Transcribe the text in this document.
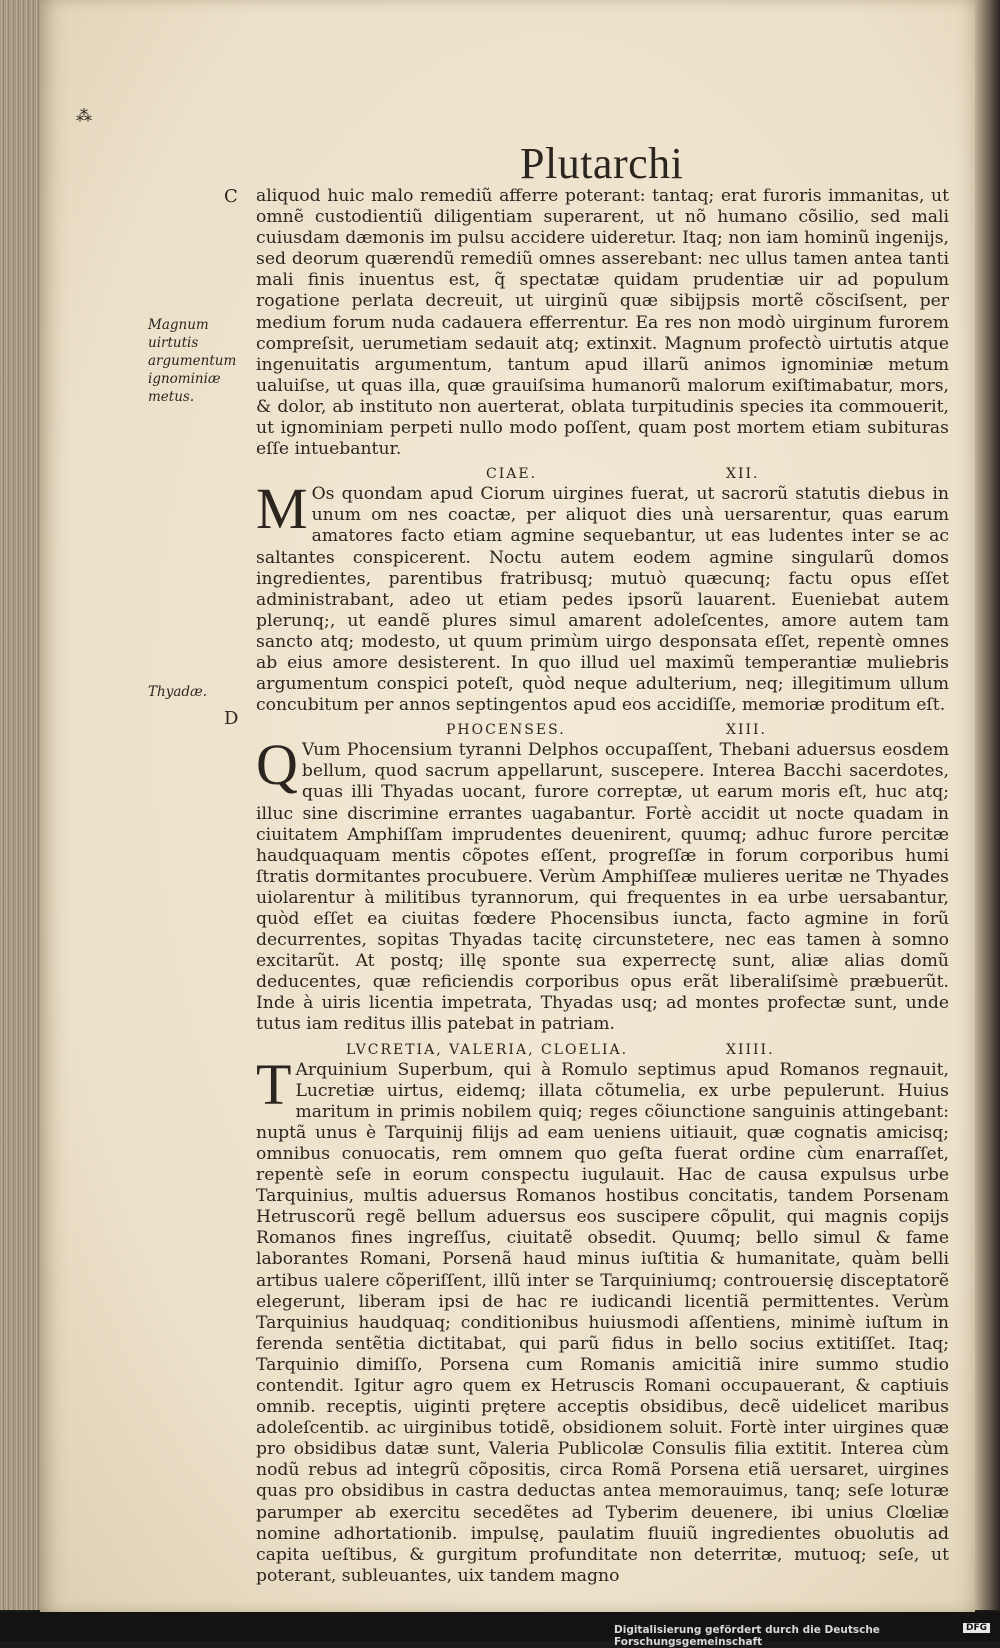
⁂
Plutarchi
C
D
Magnum uirtutis argumentum ignominiæ metus.
Thyadæ.

aliquod huic malo remediũ afferre poterant: tantaq; erat furoris immanitas, ut omnẽ custodientiũ diligentiam superarent, ut nõ humano cõsilio, sed mali cuiusdam dæmonis im pulsu accidere uideretur. Itaq; non iam hominũ ingenijs, sed deorum quærendũ remediũ omnes asserebant: nec ullus tamen antea tanti mali finis inuentus est, q̃ spectatæ quidam prudentiæ uir ad populum rogatione perlata decreuit, ut uirginũ quæ sibijpsis mortẽ cõsciſsent, per medium forum nuda cadauera efferrentur. Ea res non modò uirginum furorem compreſsit, uerumetiam sedauit atq; extinxit. Magnum profectò uirtutis atque ingenuitatis argumentum, tantum apud illarũ animos ignominiæ metum ualuiſse, ut quas illa, quæ grauiſsima humanorũ malorum exiſtimabatur, mors, & dolor, ab instituto non auerterat, oblata turpitudinis species ita commouerit, ut ignominiam perpeti nullo modo poſſent, quam post mortem etiam subituras eſſe intuebantur.

CIAE.	XII.

M Os quondam apud Ciorum uirgines fuerat, ut sacrorũ statutis diebus in unum om nes coactæ, per aliquot dies unà uersarentur, quas earum amatores facto etiam agmine sequebantur, ut eas ludentes inter se ac saltantes conspicerent. Noctu autem eodem agmine singularũ domos ingredientes, parentibus fratribusq; mutuò quæcunq; factu opus eſſet administrabant, adeo ut etiam pedes ipsorũ lauarent. Eueniebat autem plerunq;, ut eandẽ plures simul amarent adoleſcentes, amore autem tam sancto atq; modesto, ut quum primùm uirgo desponsata eſſet, repentè omnes ab eius amore desisterent. In quo illud uel maximũ temperantiæ muliebris argumentum conspici poteſt, quòd neque adulterium, neq; illegitimum ullum concubitum per annos septingentos apud eos accidiſſe, memoriæ proditum eſt.

PHOCENSES.	XIII.

Q Vum Phocensium tyranni Delphos occupaſſent, Thebani aduersus eosdem bellum, quod sacrum appellarunt, suscepere. Interea Bacchi sacerdotes, quas illi Thyadas uocant, furore correptæ, ut earum moris eſt, huc atq; illuc sine discrimine errantes uagabantur. Fortè accidit ut nocte quadam in ciuitatem Amphiſſam imprudentes deuenirent, quumq; adhuc furore percitæ haudquaquam mentis cõpotes eſſent, progreſſæ in forum corporibus humi ſtratis dormitantes procubuere. Verùm Amphiſſeæ mulieres ueritæ ne Thyades uiolarentur à militibus tyrannorum, qui frequentes in ea urbe uersabantur, quòd eſſet ea ciuitas fœdere Phocensibus iuncta, facto agmine in forũ decurrentes, sopitas Thyadas tacitę circunstetere, nec eas tamen à somno excitarũt. At postq; illę sponte sua experrectę sunt, aliæ alias domũ deducentes, quæ reficiendis corporibus opus erãt liberaliſsimè præbuerũt. Inde à uiris licentia impetrata, Thyadas usq; ad montes profectæ sunt, unde tutus iam reditus illis patebat in patriam.

LVCRETIA, VALERIA, CLOELIA.	XIIII.

T Arquinium Superbum, qui à Romulo septimus apud Romanos regnauit, Lucretiæ uirtus, eidemq; illata cõtumelia, ex urbe pepulerunt. Huius maritum in primis nobilem quiq; reges cõiunctione sanguinis attingebant: nuptã unus è Tarquinij filijs ad eam ueniens uitiauit, quæ cognatis amicisq; omnibus conuocatis, rem omnem quo geſta fuerat ordine cùm enarraſſet, repentè seſe in eorum conspectu iugulauit. Hac de causa expulsus urbe Tarquinius, multis aduersus Romanos hostibus concitatis, tandem Porsenam Hetruscorũ regẽ bellum aduersus eos suscipere cõpulit, qui magnis copijs Romanos fines ingreſſus, ciuitatẽ obsedit. Quumq; bello simul & fame laborantes Romani, Porsenã haud minus iuſtitia & humanitate, quàm belli artibus ualere cõperiſſent, illũ inter se Tarquiniumq; controuersię disceptatorẽ elegerunt, liberam ipsi de hac re iudicandi licentiã permittentes. Verùm Tarquinius haudquaq; conditionibus huiusmodi aſſentiens, minimè iuſtum in ferenda sentẽtia dictitabat, qui parũ fidus in bello socius extitiſſet. Itaq; Tarquinio dimiſſo, Porsena cum Romanis amicitiã inire summo studio contendit. Igitur agro quem ex Hetruscis Romani occupauerant, & captiuis omnib. receptis, uiginti prętere acceptis obsidibus, decẽ uidelicet maribus adoleſcentib. ac uirginibus totidẽ, obsidionem soluit. Fortè inter uirgines quæ pro obsidibus datæ sunt, Valeria Publicolæ Consulis filia extitit. Interea cùm nodũ rebus ad integrũ cõpositis, circa Romã Porsena etiã uersaret, uirgines quas pro obsidibus in castra deductas antea memorauimus, tanq; seſe loturæ parumper ab exercitu secedẽtes ad Tyberim deuenere, ibi unius Clœliæ nomine adhortationib. impulsę, paulatim fluuiũ ingredientes obuolutis ad capita ueſtibus, & gurgitum profunditate non deterritæ, mutuoq; seſe, ut poterant, subleuantes, uix tandem magno

Digitalisierung gefördert durch die Deutsche Forschungsgemeinschaft
DFG
